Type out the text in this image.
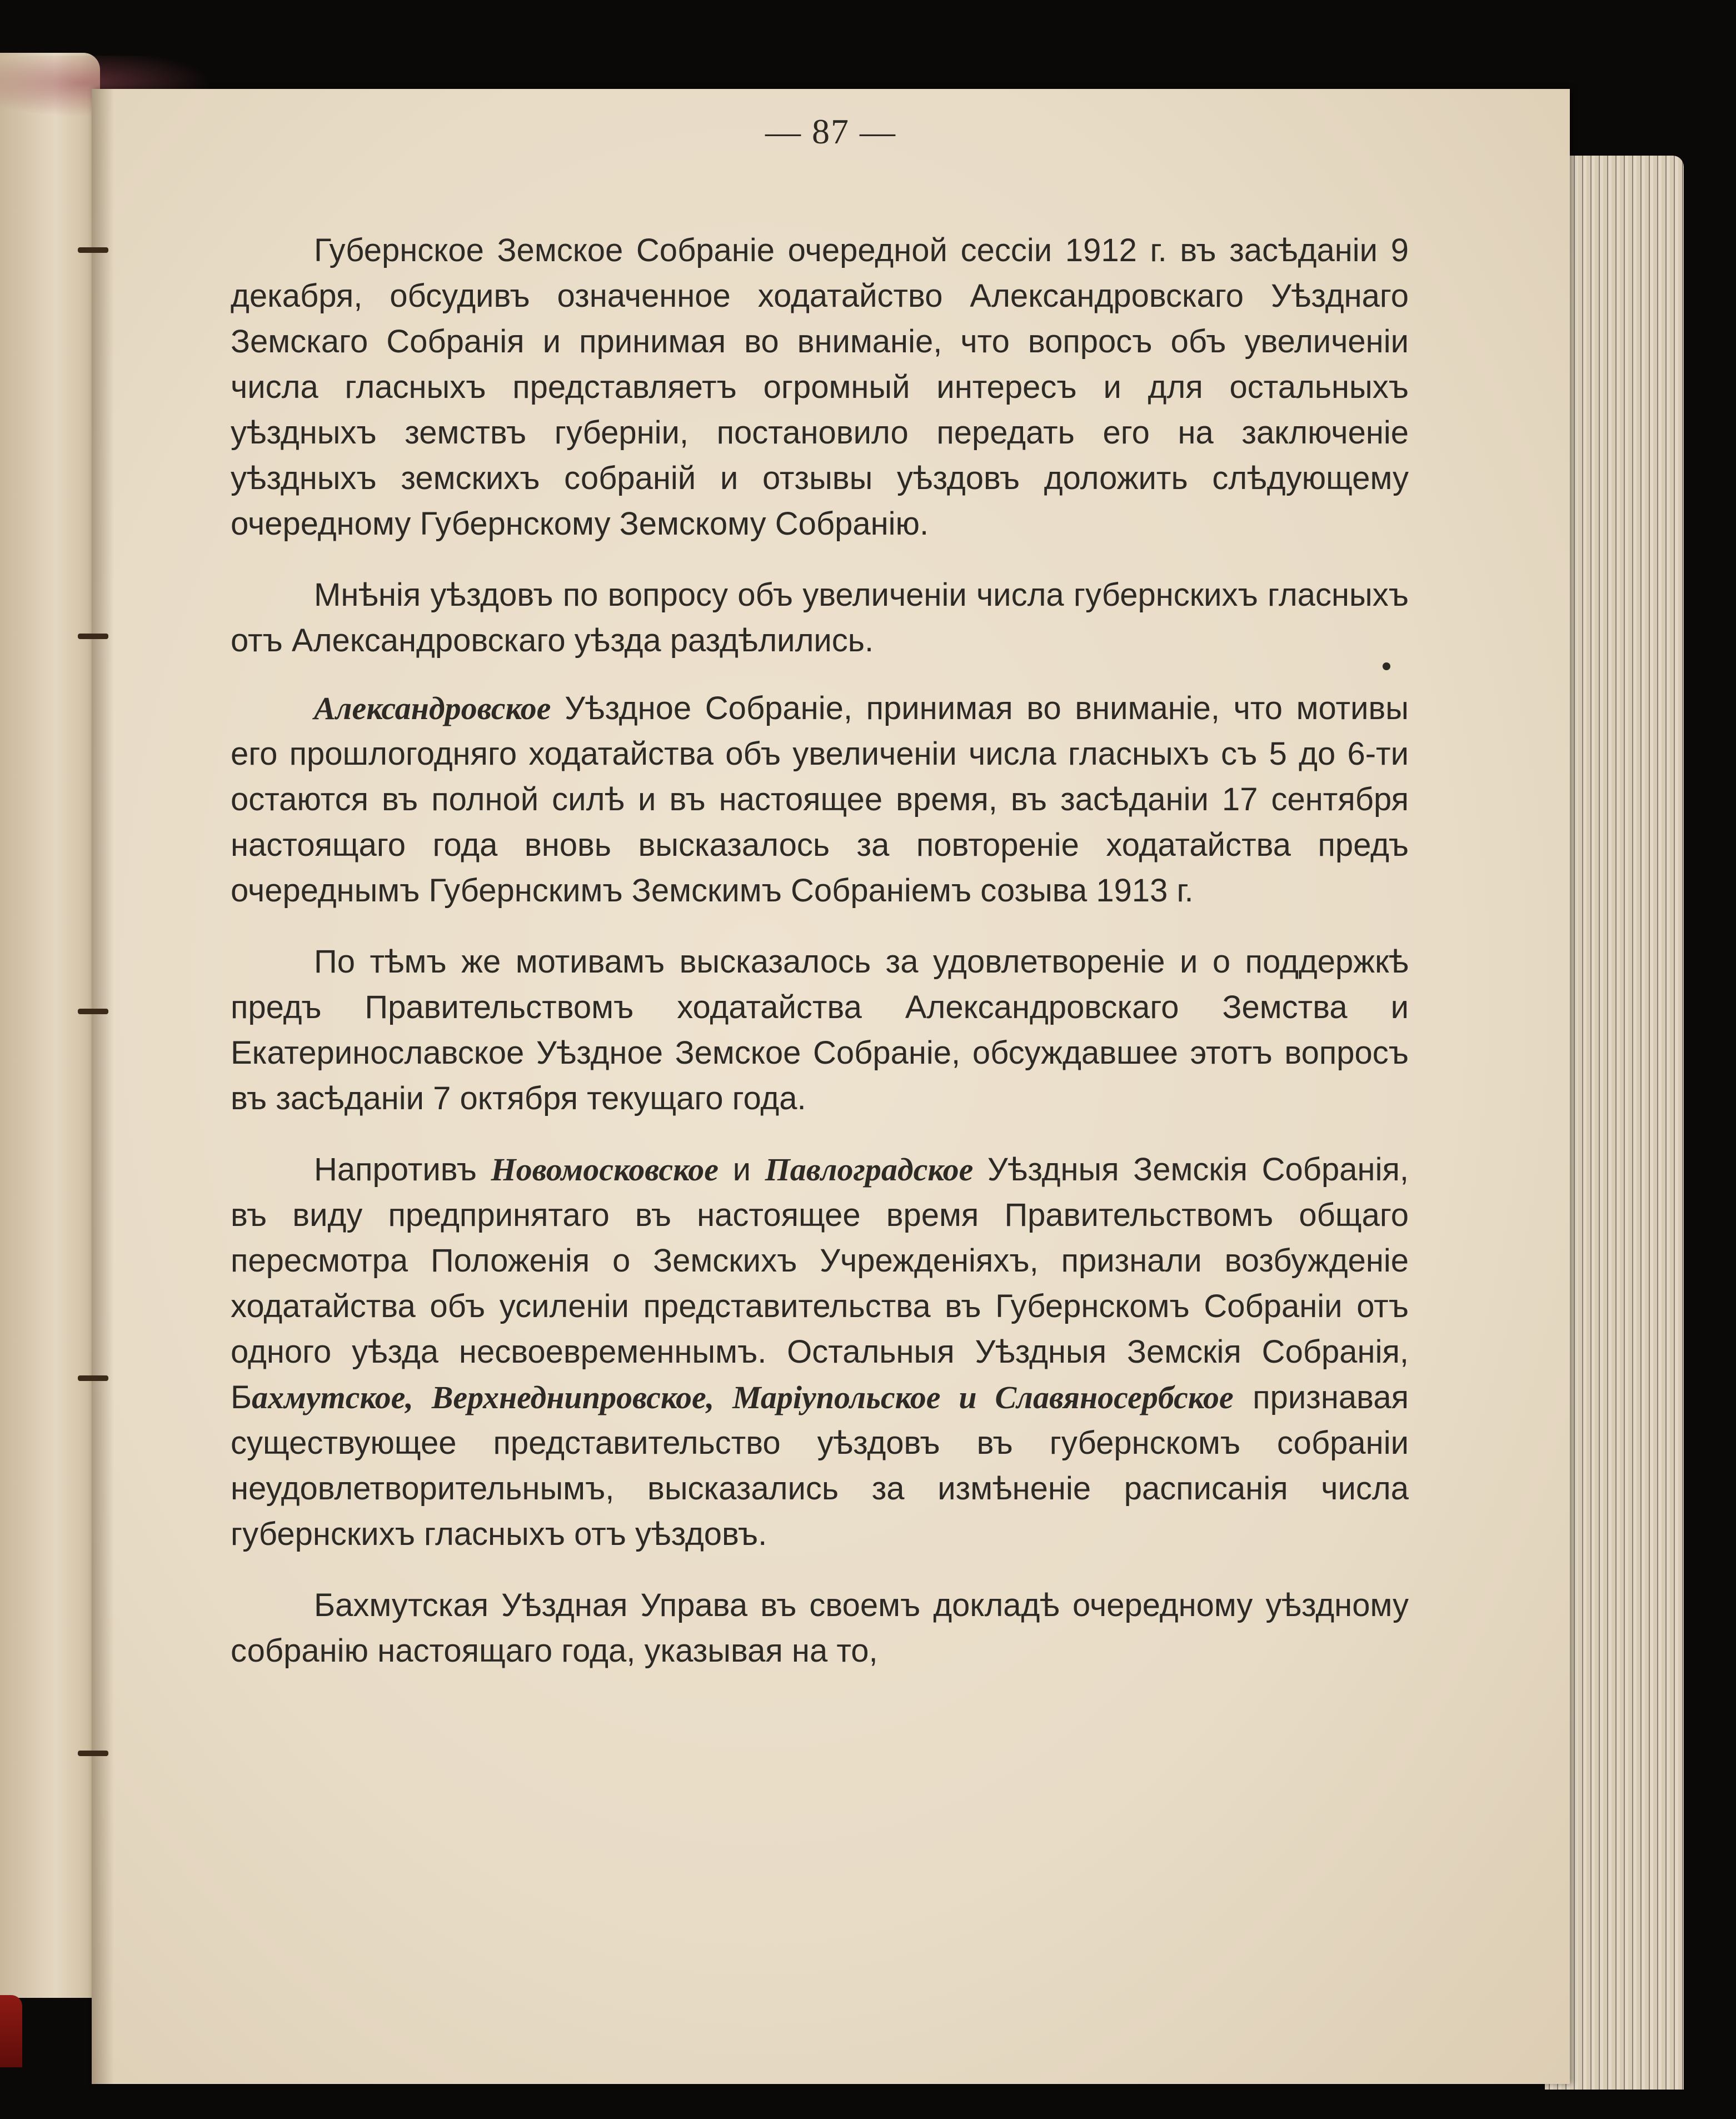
— 87 —

Губернское Земское Собраніе очередной сессіи 1912 г. въ засѣданіи 9 декабря, обсудивъ означенное ходатайство Александровскаго Уѣзднаго Земскаго Собранія и принимая во вниманіе, что вопросъ объ увеличеніи числа гласныхъ представляетъ огромный интересъ и для остальныхъ уѣздныхъ земствъ губерніи, постановило передать его на заключеніе уѣздныхъ земскихъ собраній и отзывы уѣздовъ доложить слѣдующему очередному Губернскому Земскому Собранію.

Мнѣнія уѣздовъ по вопросу объ увеличеніи числа губернскихъ гласныхъ отъ Александровскаго уѣзда раздѣлились.

Александровское Уѣздное Собраніе, принимая во вниманіе, что мотивы его прошлогодняго ходатайства объ увеличеніи числа гласныхъ съ 5 до 6-ти остаются въ полной силѣ и въ настоящее время, въ засѣданіи 17 сентября настоящаго года вновь высказалось за повтореніе ходатайства предъ очереднымъ Губернскимъ Земскимъ Собраніемъ созыва 1913 г.

По тѣмъ же мотивамъ высказалось за удовлетвореніе и о поддержкѣ предъ Правительствомъ ходатайства Александровскаго Земства и Екатеринославское Уѣздное Земское Собраніе, обсуждавшее этотъ вопросъ въ засѣданіи 7 октября текущаго года.

Напротивъ Новомосковское и Павлоградское Уѣздныя Земскія Собранія, въ виду предпринятаго въ настоящее время Правительствомъ общаго пересмотра Положенія о Земскихъ Учрежденіяхъ, признали возбужденіе ходатайства объ усиленіи представительства въ Губернскомъ Собраніи отъ одного уѣзда несвоевременнымъ. Остальныя Уѣздныя Земскія Собранія, Бахмутское, Верхнеднипровское, Маріупольское и Славяносербское признавая существующее представительство уѣздовъ въ губернскомъ собраніи неудовлетворительнымъ, высказались за измѣненіе расписанія числа губернскихъ гласныхъ отъ уѣздовъ.

Бахмутская Уѣздная Управа въ своемъ докладѣ очередному уѣздному собранію настоящаго года, указывая на то,
